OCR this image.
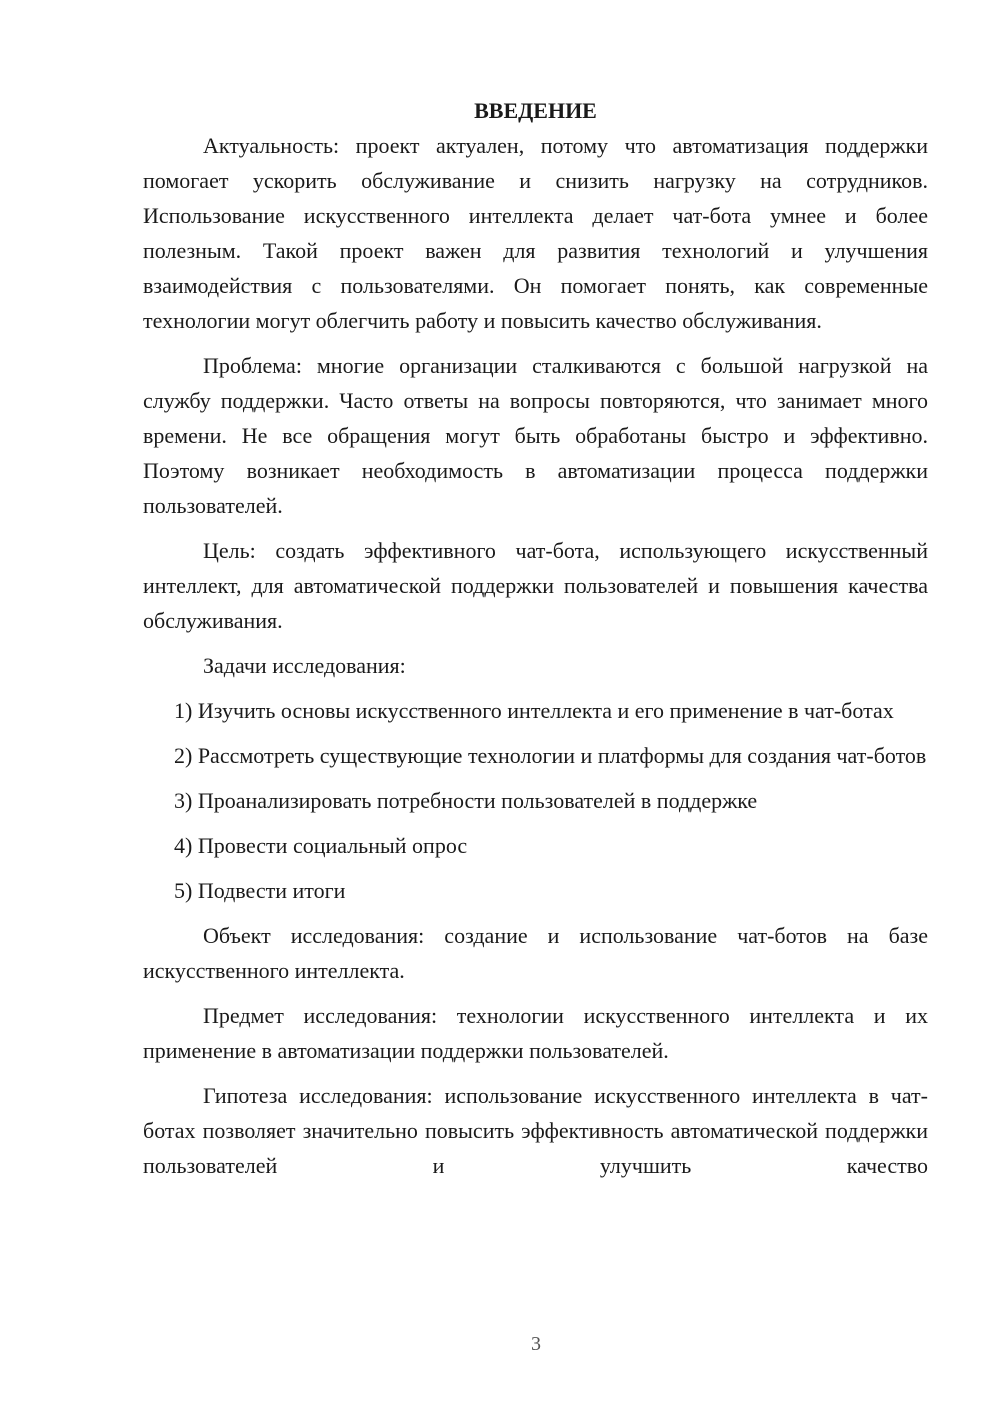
ВВЕДЕНИЕ

Актуальность: проект актуален, потому что автоматизация поддержки помогает ускорить обслуживание и снизить нагрузку на сотрудников. Использование искусственного интеллекта делает чат-бота умнее и более полезным. Такой проект важен для развития технологий и улучшения взаимодействия с пользователями. Он помогает понять, как современные технологии могут облегчить работу и повысить качество обслуживания.

Проблема: многие организации сталкиваются с большой нагрузкой на службу поддержки. Часто ответы на вопросы повторяются, что занимает много времени. Не все обращения могут быть обработаны быстро и эффективно. Поэтому возникает необходимость в автоматизации процесса поддержки пользователей.

Цель: создать эффективного чат-бота, использующего искусственный интеллект, для автоматической поддержки пользователей и повышения качества обслуживания.

Задачи исследования:

1) Изучить основы искусственного интеллекта и его применение в чат-ботах

2) Рассмотреть существующие технологии и платформы для создания чат-ботов

3) Проанализировать потребности пользователей в поддержке

4) Провести социальный опрос

5) Подвести итоги

Объект исследования: создание и использование чат-ботов на базе искусственного интеллекта.

Предмет исследования: технологии искусственного интеллекта и их применение в автоматизации поддержки пользователей.

Гипотеза исследования: использование искусственного интеллекта в чат-ботах позволяет значительно повысить эффективность автоматической поддержки пользователей и улучшить качество

3
